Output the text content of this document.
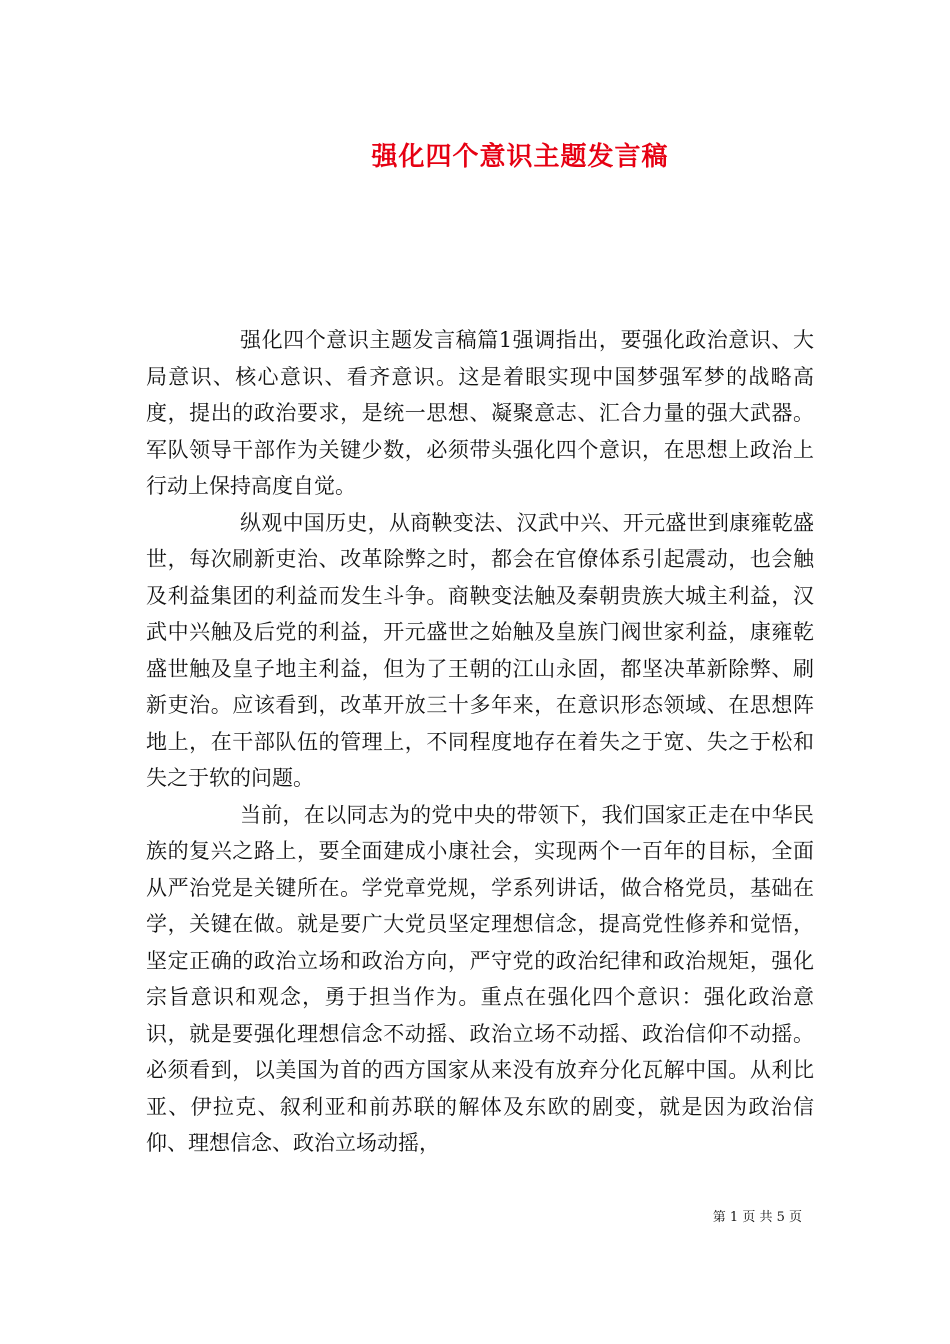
强化四个意识主题发言稿

强化四个意识主题发言稿篇1强调指出，要强化政治意识、大局意识、核心意识、看齐意识。这是着眼实现中国梦强军梦的战略高度，提出的政治要求，是统一思想、凝聚意志、汇合力量的强大武器。军队领导干部作为关键少数，必须带头强化四个意识，在思想上政治上行动上保持高度自觉。

纵观中国历史，从商鞅变法、汉武中兴、开元盛世到康雍乾盛世，每次刷新吏治、改革除弊之时，都会在官僚体系引起震动，也会触及利益集团的利益而发生斗争。商鞅变法触及秦朝贵族大城主利益，汉武中兴触及后党的利益，开元盛世之始触及皇族门阀世家利益，康雍乾盛世触及皇子地主利益，但为了王朝的江山永固，都坚决革新除弊、刷新吏治。应该看到，改革开放三十多年来，在意识形态领域、在思想阵地上，在干部队伍的管理上，不同程度地存在着失之于宽、失之于松和失之于软的问题。

当前，在以同志为的党中央的带领下，我们国家正走在中华民族的复兴之路上，要全面建成小康社会，实现两个一百年的目标，全面从严治党是关键所在。学党章党规，学系列讲话，做合格党员，基础在学，关键在做。就是要广大党员坚定理想信念，提高党性修养和觉悟，坚定正确的政治立场和政治方向，严守党的政治纪律和政治规矩，强化宗旨意识和观念，勇于担当作为。重点在强化四个意识：强化政治意识，就是要强化理想信念不动摇、政治立场不动摇、政治信仰不动摇。必须看到，以美国为首的西方国家从来没有放弃分化瓦解中国。从利比亚、伊拉克、叙利亚和前苏联的解体及东欧的剧变，就是因为政治信仰、理想信念、政治立场动摇，

第 1 页 共 5 页
